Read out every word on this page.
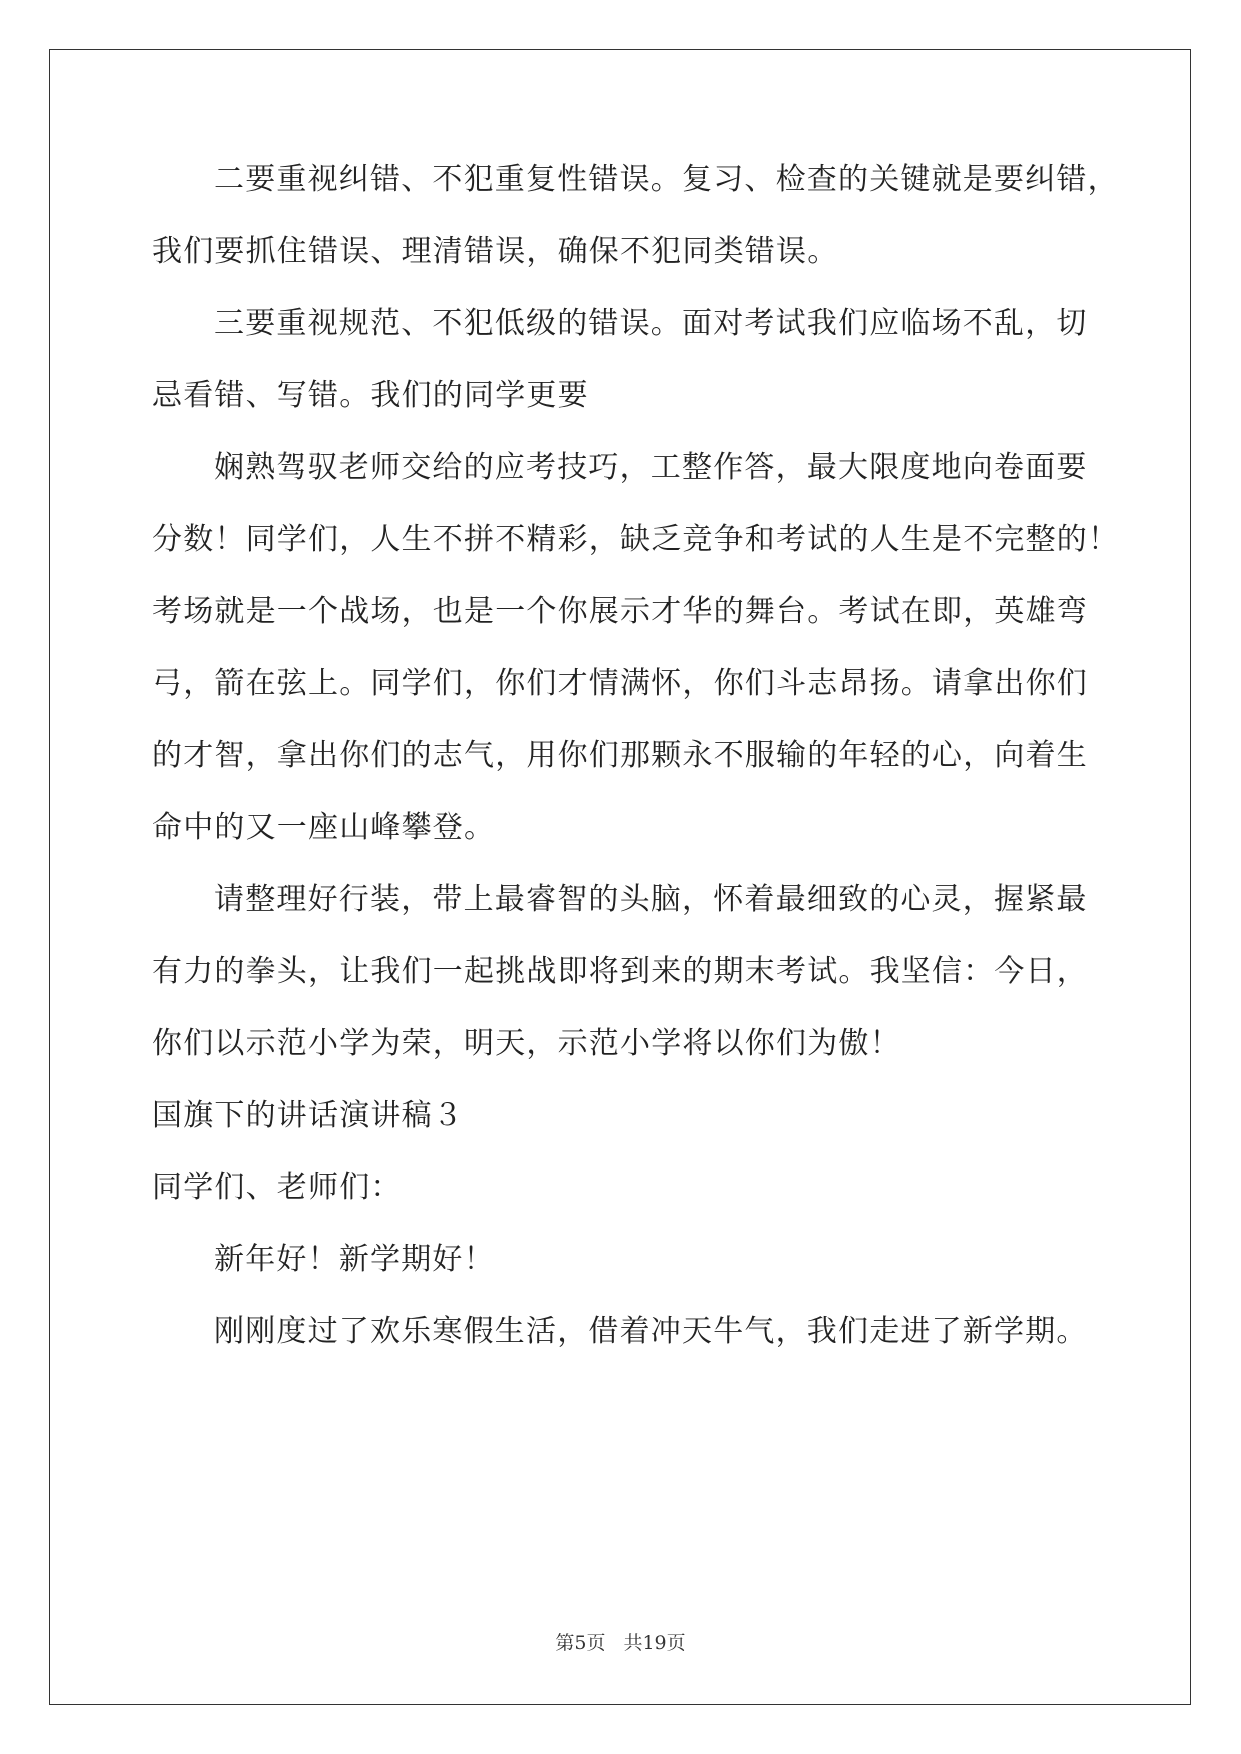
二要重视纠错、不犯重复性错误。复习、检查的关键就是要纠错，
我们要抓住错误、理清错误，确保不犯同类错误。
三要重视规范、不犯低级的错误。面对考试我们应临场不乱，切
忌看错、写错。我们的同学更要
娴熟驾驭老师交给的应考技巧，工整作答，最大限度地向卷面要
分数！同学们，人生不拼不精彩，缺乏竞争和考试的人生是不完整的！
考场就是一个战场，也是一个你展示才华的舞台。考试在即，英雄弯
弓，箭在弦上。同学们，你们才情满怀，你们斗志昂扬。请拿出你们
的才智，拿出你们的志气，用你们那颗永不服输的年轻的心，向着生
命中的又一座山峰攀登。
请整理好行装，带上最睿智的头脑，怀着最细致的心灵，握紧最
有力的拳头，让我们一起挑战即将到来的期末考试。我坚信：今日，
你们以示范小学为荣，明天，示范小学将以你们为傲！
国旗下的讲话演讲稿３
同学们、老师们：
新年好！新学期好！
刚刚度过了欢乐寒假生活，借着冲天牛气，我们走进了新学期。
第5页 共19页
